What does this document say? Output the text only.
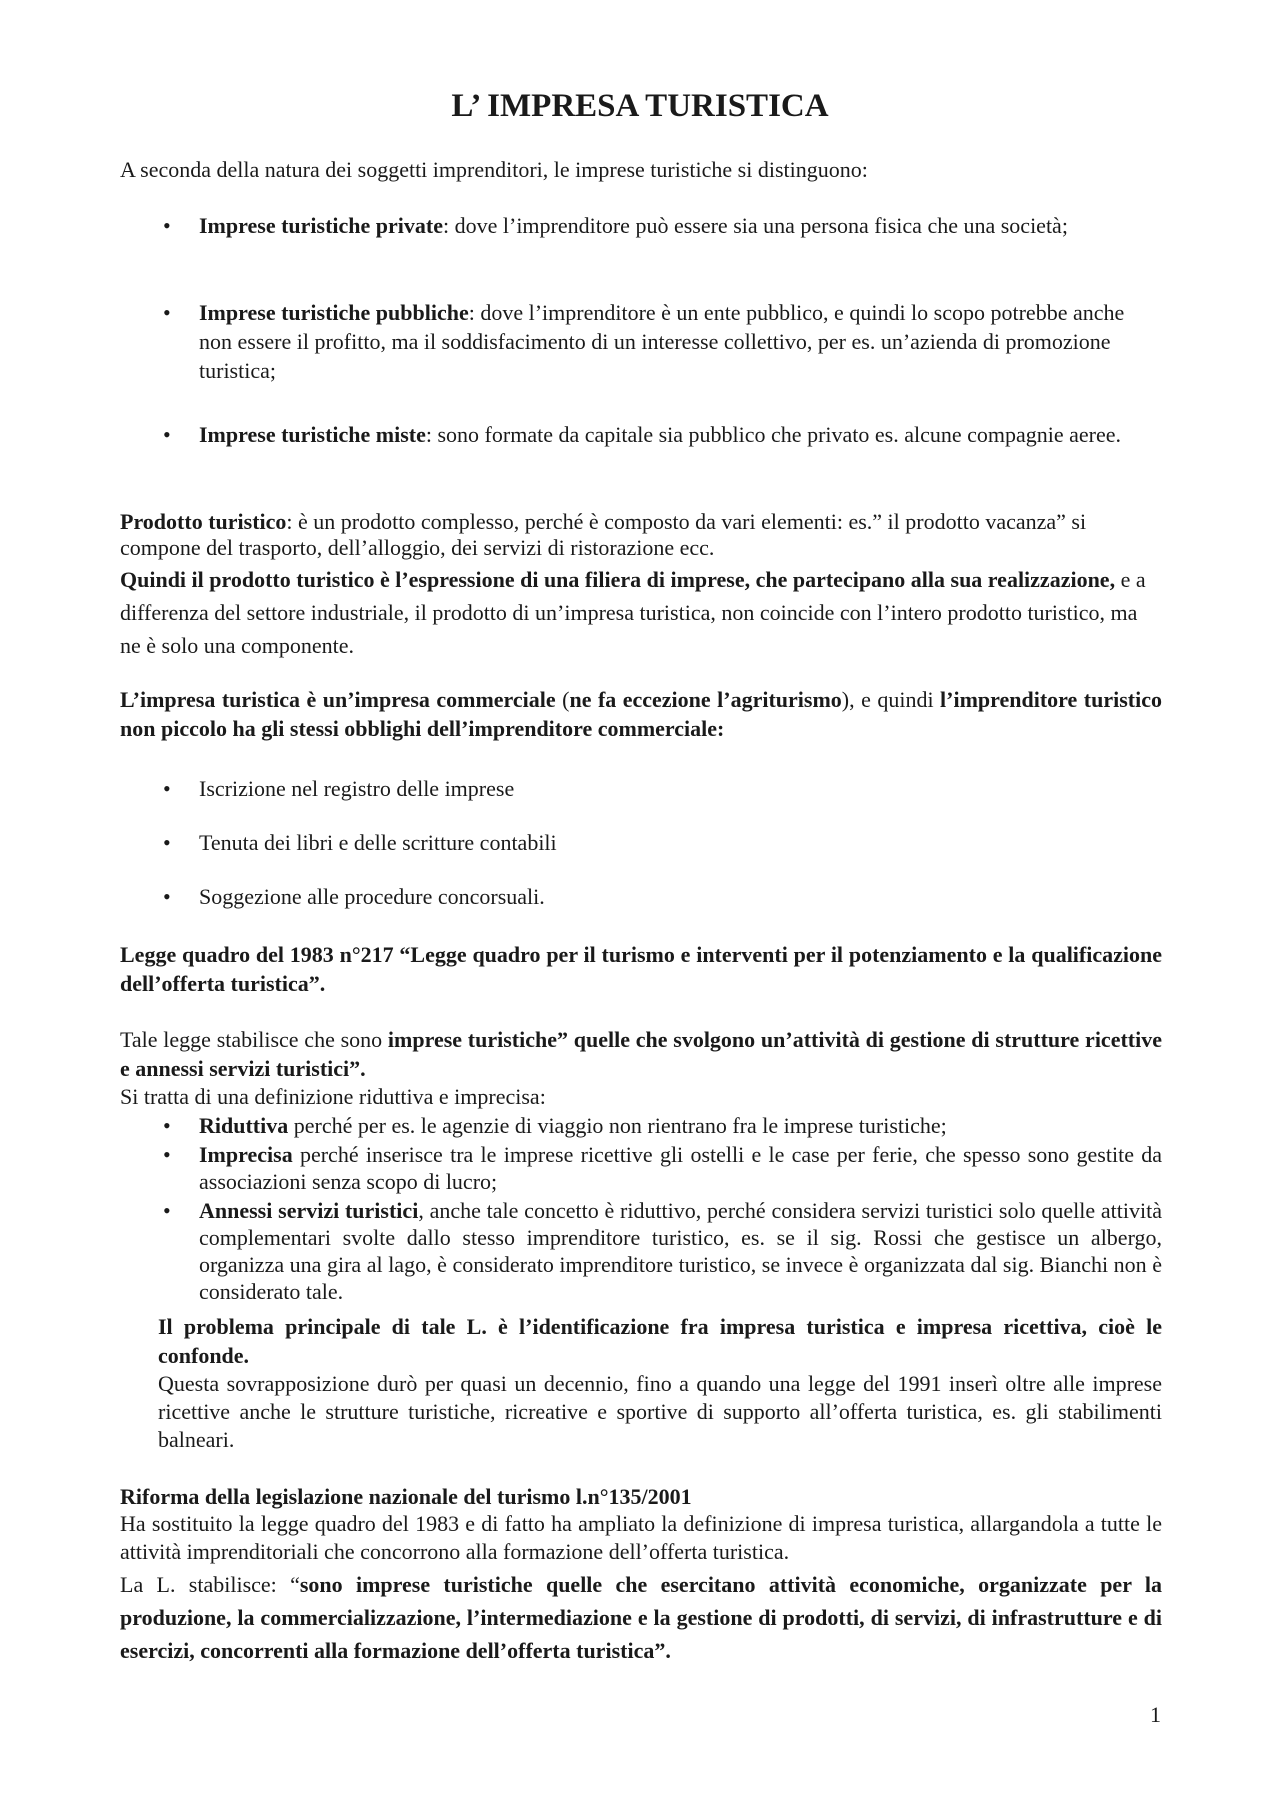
L’ IMPRESA TURISTICA

A seconda della natura dei soggetti imprenditori, le imprese turistiche si distinguono:

• Imprese turistiche private: dove l’imprenditore può essere sia una persona fisica che una società;

• Imprese turistiche pubbliche: dove l’imprenditore è un ente pubblico, e quindi lo scopo potrebbe anche non essere il profitto, ma il soddisfacimento di un interesse collettivo, per es. un’azienda di promozione turistica;

• Imprese turistiche miste: sono formate da capitale sia pubblico che privato es. alcune compagnie aeree.

Prodotto turistico: è un prodotto complesso, perché è composto da vari elementi: es.” il prodotto vacanza” si compone del trasporto, dell’alloggio, dei servizi di ristorazione ecc.

Quindi il prodotto turistico è l’espressione di una filiera di imprese, che partecipano alla sua realizzazione, e a differenza del settore industriale, il prodotto di un’impresa turistica, non coincide con l’intero prodotto turistico, ma ne è solo una componente.

L’impresa turistica è un’impresa commerciale (ne fa eccezione l’agriturismo), e quindi l’imprenditore turistico non piccolo ha gli stessi obblighi dell’imprenditore commerciale:

• Iscrizione nel registro delle imprese

• Tenuta dei libri e delle scritture contabili

• Soggezione alle procedure concorsuali.

Legge quadro del 1983 n°217 “Legge quadro per il turismo e interventi per il potenziamento e la qualificazione dell’offerta turistica”.

Tale legge stabilisce che sono imprese turistiche” quelle che svolgono un’attività di gestione di strutture ricettive e annessi servizi turistici”.

Si tratta di una definizione riduttiva e imprecisa:

• Riduttiva perché per es. le agenzie di viaggio non rientrano fra le imprese turistiche;

• Imprecisa perché inserisce tra le imprese ricettive gli ostelli e le case per ferie, che spesso sono gestite da associazioni senza scopo di lucro;

• Annessi servizi turistici, anche tale concetto è riduttivo, perché considera servizi turistici solo quelle attività complementari svolte dallo stesso imprenditore turistico, es. se il sig. Rossi che gestisce un albergo, organizza una gira al lago, è considerato imprenditore turistico, se invece è organizzata dal sig. Bianchi non è considerato tale.

Il problema principale di tale L. è l’identificazione fra impresa turistica e impresa ricettiva, cioè le confonde.

Questa sovrapposizione durò per quasi un decennio, fino a quando una legge del 1991 inserì oltre alle imprese ricettive anche le strutture turistiche, ricreative e sportive di supporto all’offerta turistica, es. gli stabilimenti balneari.

Riforma della legislazione nazionale del turismo l.n°135/2001

Ha sostituito la legge quadro del 1983 e di fatto ha ampliato la definizione di impresa turistica, allargandola a tutte le attività imprenditoriali che concorrono alla formazione dell’offerta turistica.

La L. stabilisce: “sono imprese turistiche quelle che esercitano attività economiche, organizzate per la produzione, la commercializzazione, l’intermediazione e la gestione di prodotti, di servizi, di infrastrutture e di esercizi, concorrenti alla formazione dell’offerta turistica”.

1
